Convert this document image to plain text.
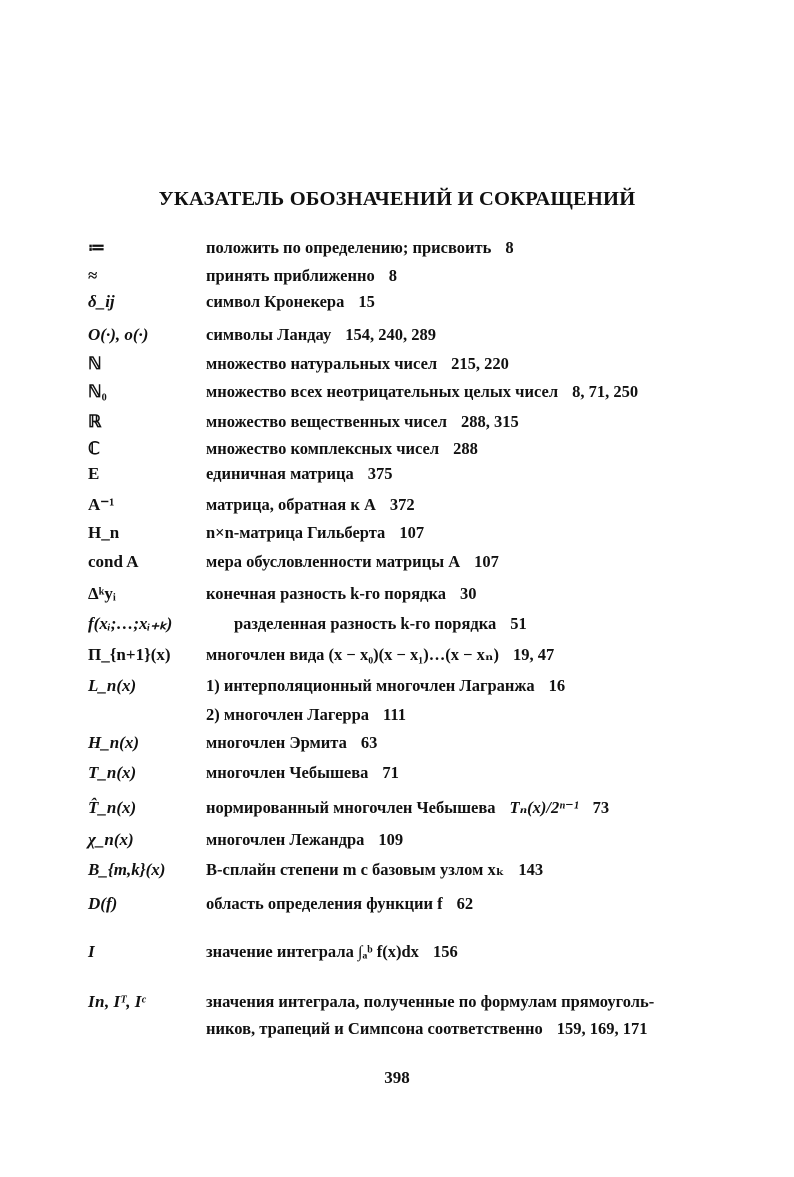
УКАЗАТЕЛЬ ОБОЗНАЧЕНИЙ И СОКРАЩЕНИЙ
≔	положить по определению; присвоить 8
≈	принять приближенно 8
δ_ij	символ Кронекера 15
O(·), o(·)	символы Ландау 154, 240, 289
ℕ	множество натуральных чисел 215, 220
ℕ₀	множество всех неотрицательных целых чисел 8, 71, 250
ℝ	множество вещественных чисел 288, 315
ℂ	множество комплексных чисел 288
E	единичная матрица 375
A⁻¹	матрица, обратная к A 372
H_n	n×n-матрица Гильберта 107
cond A	мера обусловленности матрицы A 107
Δᵏyᵢ	конечная разность k-го порядка 30
f(xᵢ;…;xᵢ₊ₖ)	разделенная разность k-го порядка 51
Π_{n+1}(x) многочлен вида (x − x₀)(x − x₁)…(x − xₙ) 19, 47
L_n(x)	1) интерполяционный многочлен Лагранжа 16
2) многочлен Лагерра 111
H_n(x)	многочлен Эрмита 63
T_n(x)	многочлен Чебышева 71
T̂_n(x)	нормированный многочлен Чебышева Tₙ(x)/2ⁿ⁻¹ 73
χ_n(x)	многочлен Лежандра 109
B_{m,k}(x) B-сплайн степени m с базовым узлом xₖ 143
D(f)	область определения функции f 62
I	значение интеграла ∫ₐᵇ f(x)dx 156
Iᴨ, Iᵀ, Iᶜ	значения интеграла, полученные по формулам прямоуголь-
ников, трапеций и Симпсона соответственно 159, 169, 171
398
